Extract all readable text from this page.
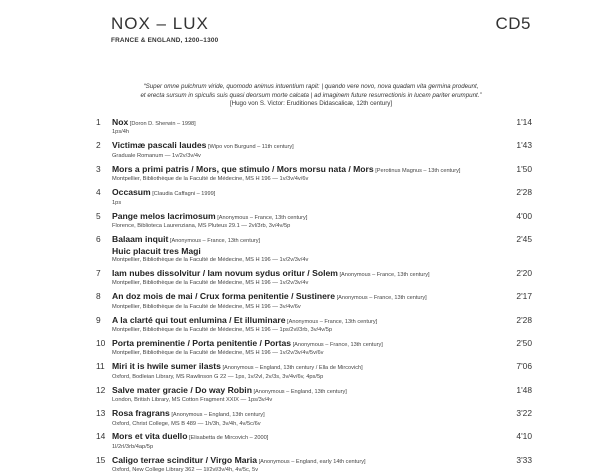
NOX – LUX
FRANCE & ENGLAND, 1200–1300
CD5
“Super omne pulchrum viride, quomodo animus intuentium rapit: | quando vere novo, nova quadam vita germina prodeunt,
et erecta sursum in spiculis suis quasi deorsum morte calcata | ad imaginem future resurrectionis in lucem pariter erumpunt.”
[Hugo von S. Victor: Eruditiones Didascalicæ, 12th century]
1	Nox [Doron D. Sherwin – 1998]
1ps/4h
1'14
2	Victimæ pascali laudes [Wipo von Burgund – 11th century]
Graduale Romanum — 1v/2v/3v/4v
1'43
3	Mors a primi patris / Mors, que stimulo / Mors morsu nata / Mors [Perotinus Magnus – 13th century]
Montpellier, Bibliothèque de la Faculté de Médecine, MS H 196 — 1v/3v/4v/6v
1'50
4	Occasum [Claudia Caffagni – 1999]
1ps
2'28
5	Pange melos lacrimosum [Anonymous – France, 13th century]
Florence, Biblioteca Laurenziana, MS Pluteus 29.1 — 2vl/3rb, 3v/4v/5p
4'00
6	Balaam inquit [Anonymous – France, 13th century]
Huic placuit tres Magi
Montpellier, Bibliothèque de la Faculté de Médecine, MS H 196 — 1v/2v/3v/4v
2'45
7	Iam nubes dissolvitur / Iam novum sydus oritur / Solem [Anonymous – France, 13th century]
Montpellier, Bibliothèque de la Faculté de Médecine, MS H 196 — 1v/2v/3v/4v
2'20
8	An doz mois de mai / Crux forma penitentie / Sustinere [Anonymous – France, 13th century]
Montpellier, Bibliothèque de la Faculté de Médecine, MS H 196 — 3v/4v/6v
2'17
9	A la clarté qui tout enlumina / Et illuminare [Anonymous – France, 13th century]
Montpellier, Bibliothèque de la Faculté de Médecine, MS H 196 — 1ps/2vl/3rb, 3v/4v/5p
2'28
10 Porta preminentie / Porta penitentie / Portas [Anonymous – France, 13th century]
Montpellier, Bibliothèque de la Faculté de Médecine, MS H 196 — 1v/2v/3v/4v/5v/6v
2'50
11 Miri it is hwile sumer ilasts [Anonymous – England, 13th century / Ella de Mircovich]
Oxford, Bodleian Library, MS Rawlinson G 22 — 1ps, 1v/2vl, 2v/3s, 3v/4v/6v, 4ps/5p
7'06
12 Salve mater gracie / Do way Robin [Anonymous – England, 13th century]
London, British Library, MS Cotton Fragment XXIX — 1ps/3v/4v
1'48
13 Rosa fragrans [Anonymous – England, 13th century]
Oxford, Christ College, MS B 489 — 1h/3h, 3v/4h, 4v/5c/6v
3'22
14 Mors et vita duello [Elisabetta de Mircovich – 2000]
1l/2rl/3rb/4ap/5p
4'10
15 Caligo terrae scinditur / Virgo Maria [Anonymous – England, early 14th century]
Oxford, New College Library 362 — 1l/2vl/3v/4h, 4v/5c, 5v
3'33
